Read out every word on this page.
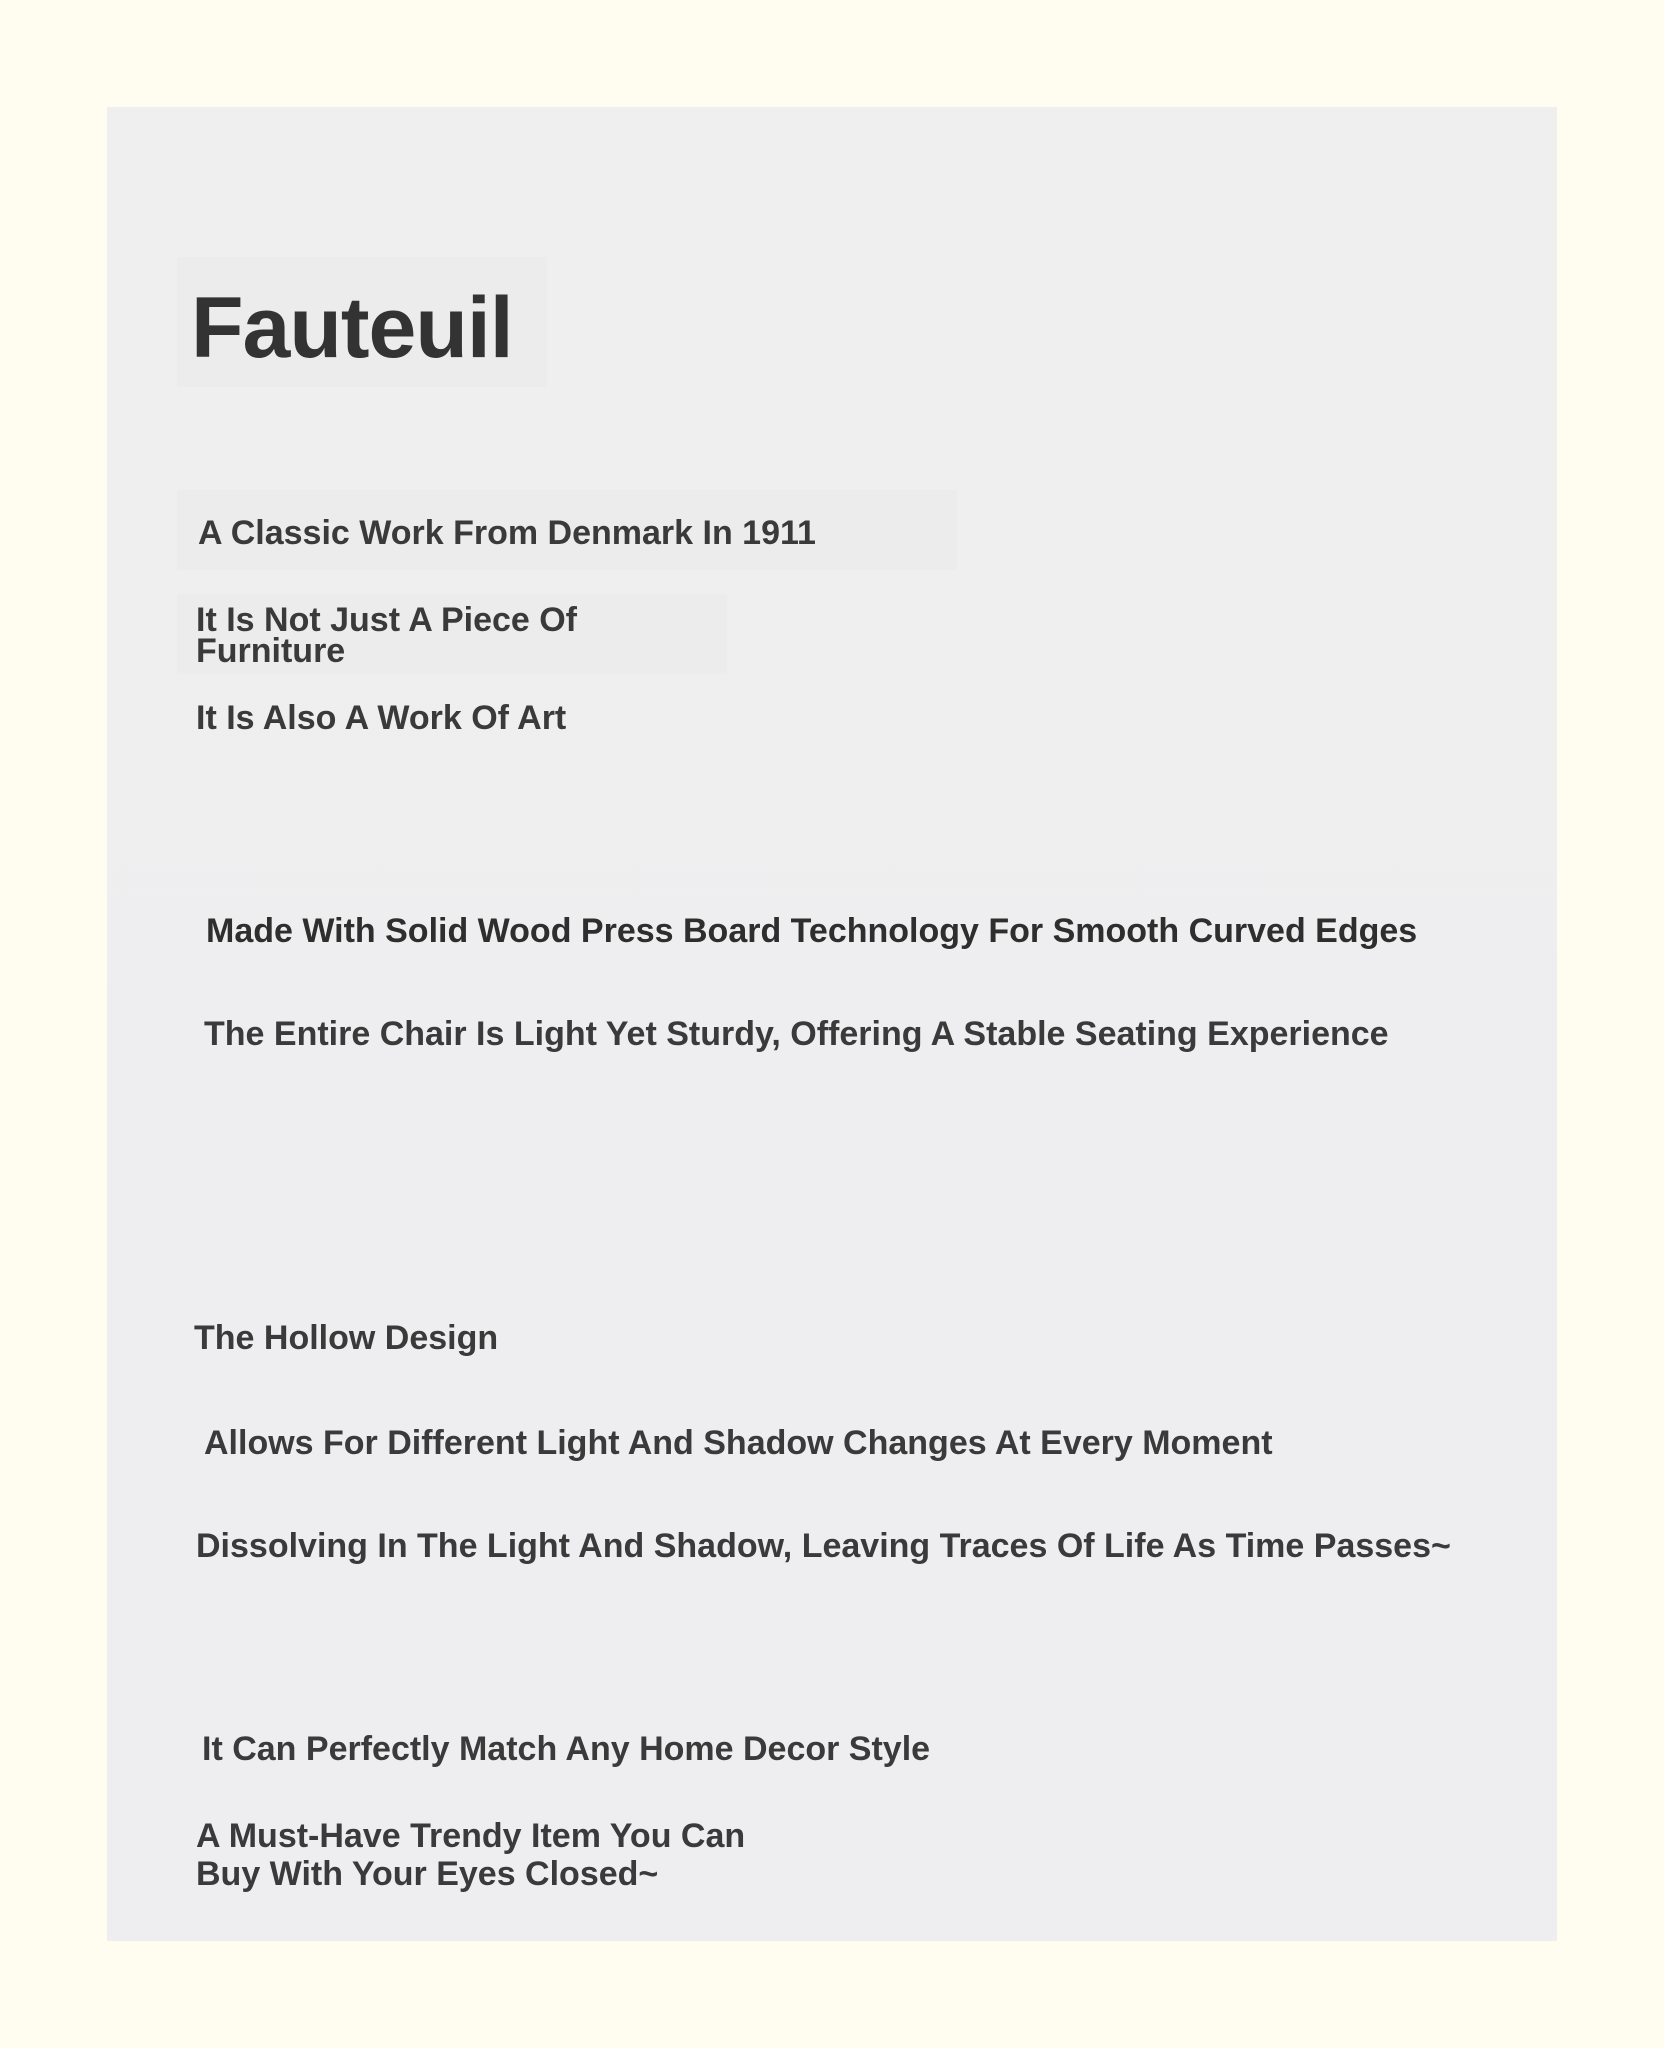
Fauteuil
A Classic Work From Denmark In 1911
It Is Not Just A Piece Of
Furniture
It Is Also A Work Of Art
Made With Solid Wood Press Board Technology For Smooth Curved Edges
The Entire Chair Is Light Yet Sturdy, Offering A Stable Seating Experience
The Hollow Design
Allows For Different Light And Shadow Changes At Every Moment
Dissolving In The Light And Shadow, Leaving Traces Of Life As Time Passes~
It Can Perfectly Match Any Home Decor Style
A Must-Have Trendy Item You Can
Buy With Your Eyes Closed~
